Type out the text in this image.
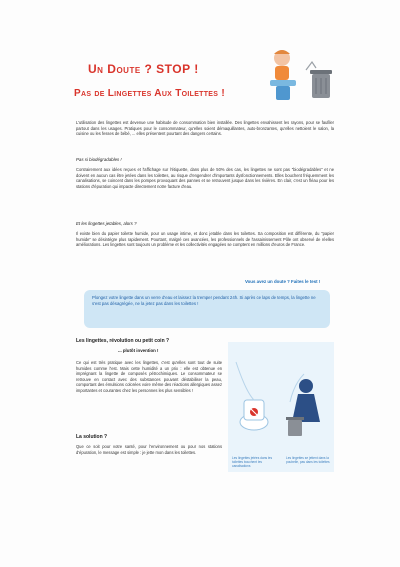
Un Doute ? STOP !
Pas de Lingettes Aux Toilettes !
L'utilisation des lingettes est devenue une habitude de consommation bien installée. Des lingettes envahissent les rayons, pour se faufiler partout dans les usages. Pratiques pour le consommateur, qu'elles soient démaquillantes, auto-bronzantes, qu'elles nettoient le salon, la cuisine ou les fesses de bébé, ... elles présentent pourtant des dangers certains.
Pas si biodégradables !
Contrairement aux idées reçues et l'affichage sur l'étiquette, dans plus de 50% des cas, les lingettes ne sont pas "biodégradables" et ne doivent en aucun cas être jetées dans les toilettes, au risque d'engendrer d'importants dysfonctionnements. Elles bouchent fréquemment les canalisations, se coincent dans les pompes provoquant des pannes et se retrouvent jusque dans les rivières. En clair, c'est un fléau pour les stations d'épuration qui impacte directement notre facture d'eau.
Et les lingettes jetables, alors ?
Il existe bien du papier toilette humide, pour un usage intime, et donc jetable dans les toilettes. Sa composition est différente, du "papier humide" se désintègre plus rapidement. Pourtant, malgré ces avancées, les professionnels de l'assainissement Pôle ont observé de réelles améliorations. Les lingettes sont toujours un problème et les collectivités engagées se comptent en millions d'euros de France.
Vous avez un doute ? Faites le test !
Plongez votre lingette dans un verre d'eau et laissez la tremper pendant 24h. Si après ce laps de temps, la lingette ne s'est pas désagrégée, ne la jetez pas dans les toilettes !
Les lingettes, révolution ou petit coin ?
... plutôt invention !
Ce qui est très pratique avec les lingettes, c'est qu'elles sont tout de suite humides comme l'est. Mais cette humidité a un prix : elle est obtenue en imprégnant la lingette de composés pétrochimiques. Le consommateur se retrouve en contact avec des substances pouvant déstabiliser la peau, comportant des émulsions colorées voire même des réactions allergiques assez importantes et courantes chez les personnes les plus sensibles !
La solution ?
Que ce soit pour votre santé, pour l'environnement ou pour nos stations d'épuration, le message est simple : je jette mon dans les toilettes.
Les lingettes jetées dans les toilettes bouchent les canalisations
Les lingettes se jettent dans la poubelle, pas dans les toilettes
